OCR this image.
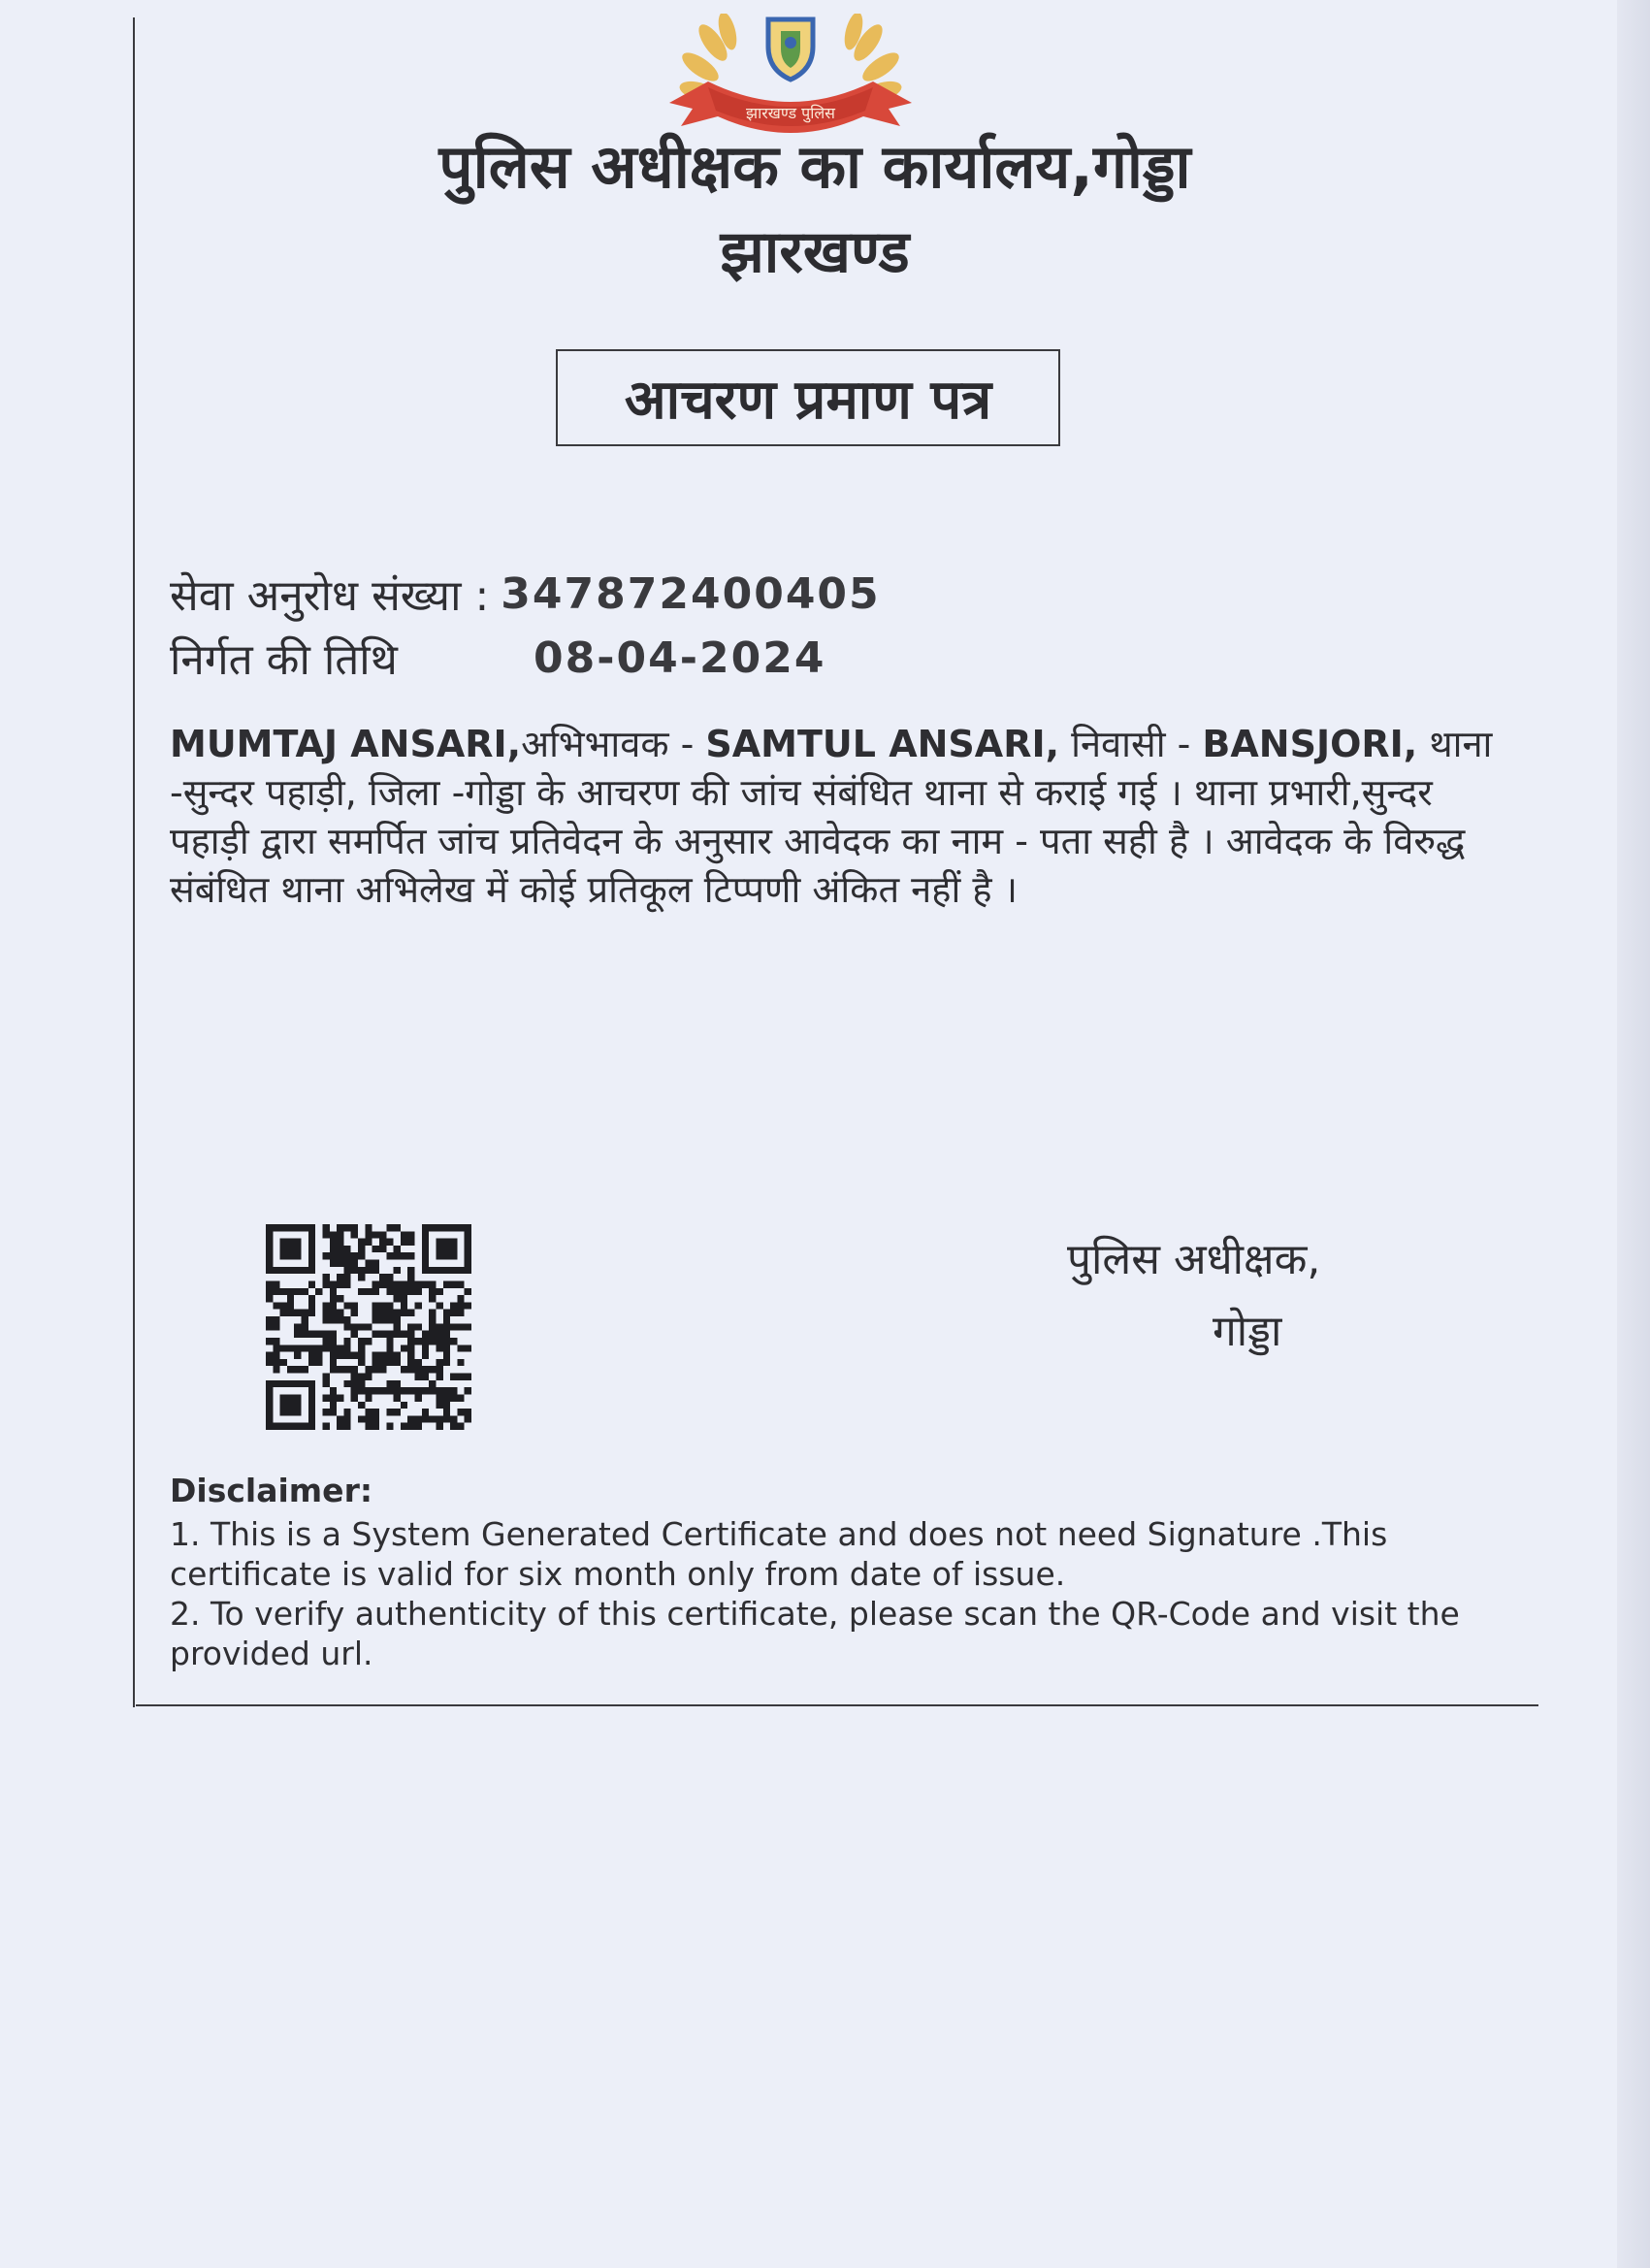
झारखण्ड पुलिस
पुलिस अधीक्षक का कार्यालय,गोड्डा
झारखण्ड
आचरण प्रमाण पत्र
सेवा अनुरोध संख्या : 347872400405
निर्गत की तिथि	08-04-2024
MUMTAJ ANSARI,अभिभावक - SAMTUL ANSARI, निवासी - BANSJORI, थाना -सुन्दर पहाड़ी, जिला -गोड्डा के आचरण की जांच संबंधित थाना से कराई गई । थाना प्रभारी,सुन्दर पहाड़ी द्वारा समर्पित जांच प्रतिवेदन के अनुसार आवेदक का नाम - पता सही है । आवेदक के विरुद्ध संबंधित थाना अभिलेख में कोई प्रतिकूल टिप्पणी अंकित नहीं है ।
पुलिस अधीक्षक,
गोड्डा
Disclaimer:
1. This is a System Generated Certificate and does not need Signature .This certificate is valid for six month only from date of issue.
2. To verify authenticity of this certificate, please scan the QR-Code and visit the provided url.
